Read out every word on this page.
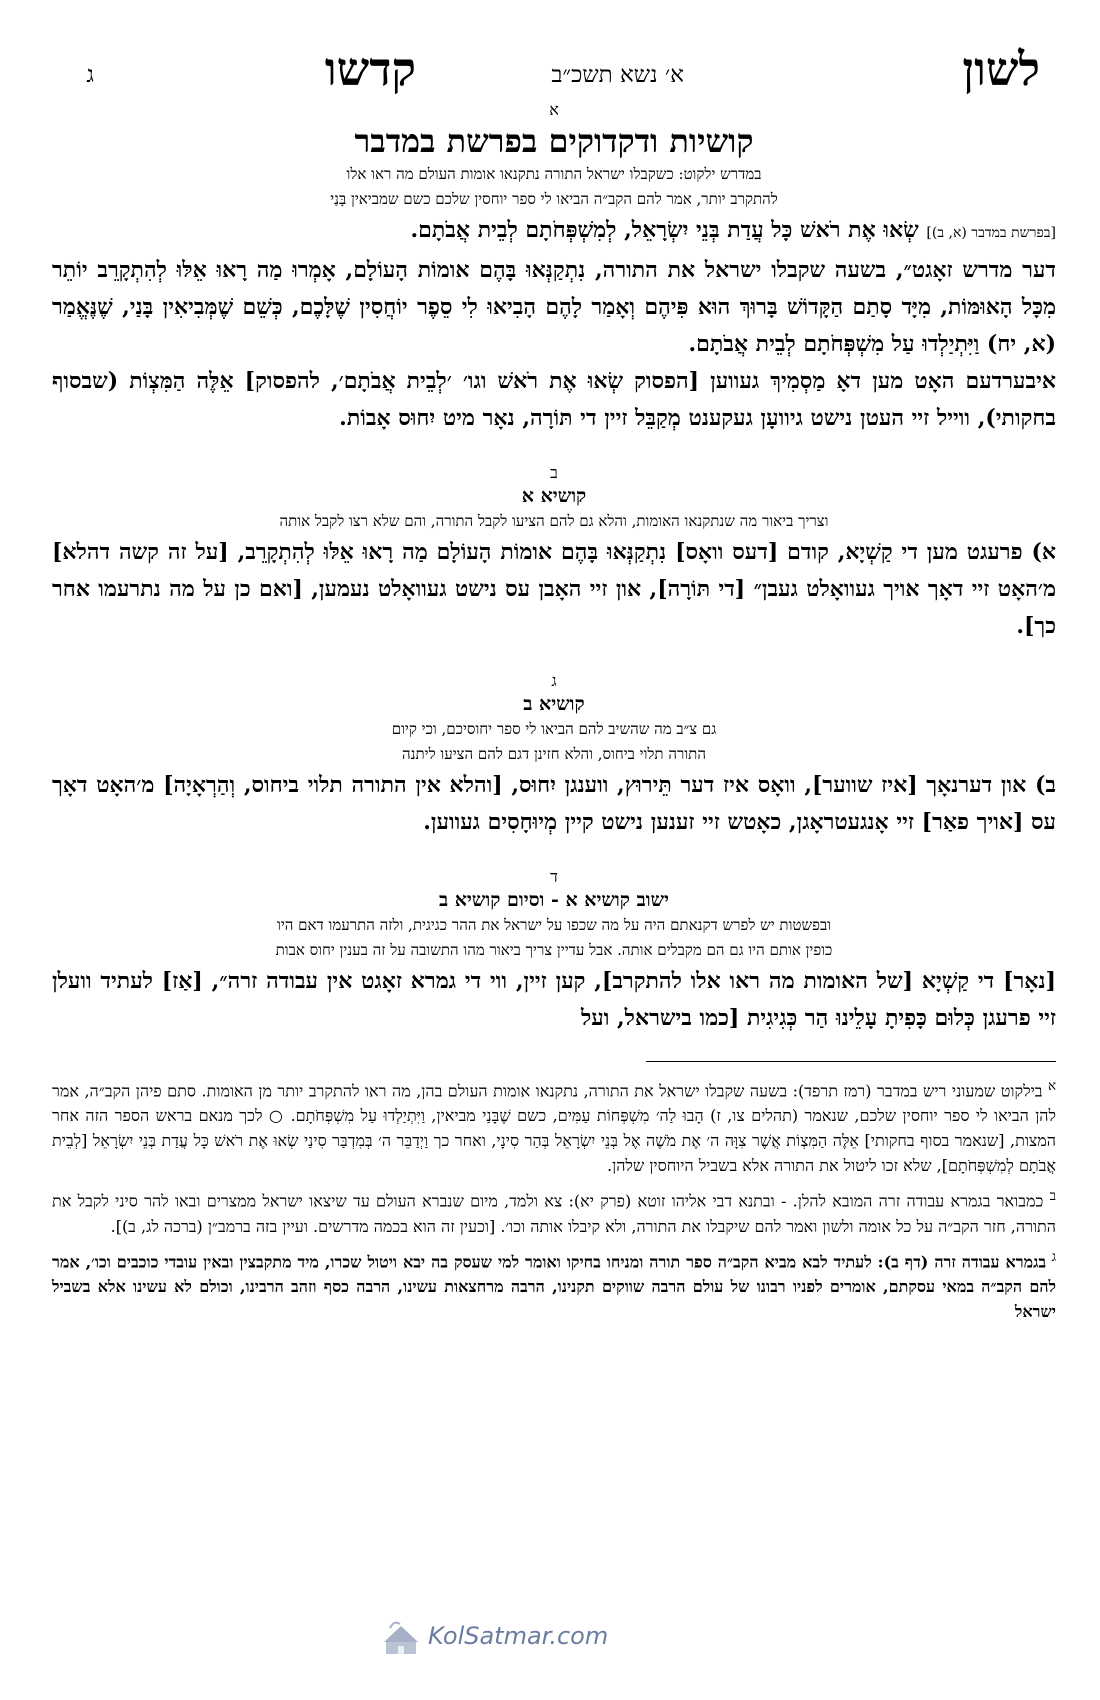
לשון
קדשו	א׳ נשא תשכ״ב
ג
א
קושיות ודקדוקים בפרשת במדבר
במדרש ילקוט: כשקבלו ישראל התורה נתקנאו אומות העולם מה ראו אלו
להתקרב יותר, אמר להם הקב״ה הביאו לי ספר יוחסין שלכם כשם שמביאין בָּנַי

[בפרשת במדבר (א, ב)] שְׂאוּ אֶת רֹאשׁ כָּל עֲדַת בְּנֵי יִשְׂרָאֵל, לְמִשְׁפְּחֹתָם לְבֵית אֲבֹתָם.

דער מדרש זאָגט״, בשעה שקבלו ישראל את התורה, נִתְקַנְּאוּ בָּהֶם אומוֹת הָעוֹלָם, אָמְרוּ מַה רָאוּ אֵלּוּ לְהִתְקָרֵב יוֹתֵר מִכָּל הָאוּמּוֹת, מִיָּד סָתַם הַקָּדוֹשׁ בָּרוּךְ הוּא פִּיהֶם וְאָמַר לָהֶם הָבִיאוּ לִי סֵפֶר יוֹחֲסִין שֶׁלָּכֶם, כְּשֵׁם שֶׁמְּבִיאִין בָּנַי, שֶׁנֶּאֱמַר (א, יח) וַיִּתְיַלְדוּ עַל מִשְׁפְּחֹתָם לְבֵית אֲבֹתָם.

איבערדעם האָט מען דאָ מַסְמִיךְ געווען [הפסוק שְׂאוּ אֶת רֹאשׁ וגו׳ ׳לְבֵית אֲבֹתָם׳, להפסוק] אֵלֶּה הַמִּצְוֹת (שבסוף בחקותי), ווייל זיי העטן נישט גיוועָן געקענט מְקַבֵּל זיין די תּוֹרָה, נאָר מיט יִחוּס אָבוֹת.

ב
קושיא א
וצריך ביאור מה שנתקנאו האומות, והלא גם להם הציעו לקבל התורה, והם שלא רצו לקבל אותה

א) פרעגט מען די קַשְׁיָא, קודם [דעס וואָס] נִתְקַנְּאוּ בָּהֶם אומוֹת הָעוֹלָם מַה רָאוּ אֵלּוּ לְהִתְקָרֵב, [על זה קשה דהלא] מ׳האָט זיי דאָך אויך געוואָלט געבן״ [די תּוֹרָה], און זיי האָבן עס נישט געוואָלט נעמען, [ואם כן על מה נתרעמו אחר כך].

ג
קושיא ב
גם צ״ב מה שהשיב להם הביאו לי ספר יחוסיכם, וכי קיום
התורה תלוי ביחוס, והלא חזינן דגם להם הציעו ליתנה

ב) און דערנאָך [איז שווער], וואָס איז דער תֵּירוּץ, ווענגן יִחוּס, [והלא אין התורה תלוי ביחוס, וְהַרְאָיָה] מ׳האָט דאָך עס [אויך פאַר] זיי אָנגעטראָגן, כאָטש זיי זענען נישט קיין מְיוּחָסִים געווען.

ד
ישוב קושיא א - וסיום קושיא ב
ובפשטות יש לפרש דקנאתם היה על מה שכפו על ישראל את ההר כגיגית, ולזה התרעמו דאם היו
כופין אותם היו גם הם מקבלים אותה. אבל עדיין צריך ביאור מהו התשובה על זה בענין יחוס אבות

[נאָר] די קַשְׁיָא [של האומות מה ראו אלו להתקרב], קען זיין, ווי די גמרא זאָגט אין עבודה זרה״, [אַז] לעתיד וועלן זיי פרעגן כְּלוּם כָּפִיתָ עָלֵינוּ הַר כְּגִיגִית [כמו בישראל, ועל

$^א$ בילקוט שמעוני ריש במדבר (רמז תרפד): בשעה שקבלו ישראל את התורה, נתקנאו אומות העולם בהן, מה ראו להתקרב יותר מן האומות. סתם פיהן הקב״ה, אמר להן הביאו לי ספר יוחסין שלכם, שנאמר (תהלים צו, ז) הָבוּ לַה׳ מִשְׁפְּחוֹת עַמִּים, כשם שֶׁבָּנַי מביאין, וַיִּתְיַלְדוּ עַל מִשְׁפְּחֹתָם. ○ לכך מנאם בראש הספר הזה אחר המצות, [שנאמר בסוף בחקותי] אֵלֶּה הַמִּצְוֹת אֲשֶׁר צִוָּה ה׳ אֶת מֹשֶׁה אֶל בְּנֵי יִשְׂרָאֵל בְּהַר סִינָי, ואחר כך וַיְדַבֵּר ה׳ בְּמִדְבַּר סִינַי שְׂאוּ אֶת רֹאשׁ כָּל עֲדַת בְּנֵי יִשְׂרָאֵל [לְבֵית אֲבֹתָם לְמִשְׁפְּחֹתָם], שלא זכו ליטול את התורה אלא בשביל היוחסין שלהן.

$^ב$ כמבואר בגמרא עבודה זרה המובא להלן. - ובתנא דבי אליהו זוטא (פרק יא): צא ולמד, מיום שנברא העולם עד שיצאו ישראל ממצרים ובאו להר סיני לקבל את התורה, חזר הקב״ה על כל אומה ולשון ואמר להם שיקבלו את התורה, ולא קיבלו אותה וכו׳. [וכעין זה הוא בכמה מדרשים. ועיין בזה ברמב״ן (ברכה לג, ב)].

$^ג$ בגמרא עבודה זרה (דף ב): לעתיד לבא מביא הקב״ה ספר תורה ומניחו בחיקו ואומר למי שעסק בה יבא ויטול שכרו, מיד מתקבצין ובאין עובדי כוכבים וכו׳, אמר להם הקב״ה במאי עסקתם, אומרים לפניו רבונו של עולם הרבה שווקים תקנינו, הרבה מרחצאות עשינו, הרבה כסף וזהב הרבינו, וכולם לא עשינו אלא בשביל ישראל

KolSatmar.com
